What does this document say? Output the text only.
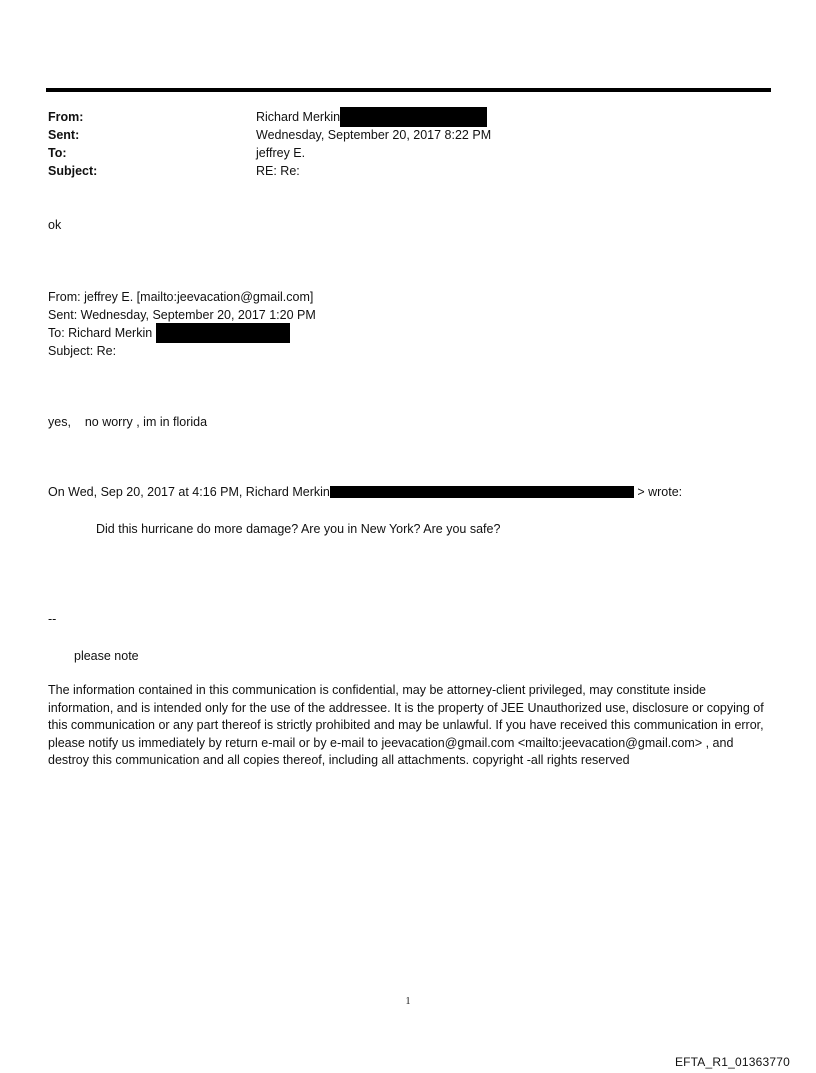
From:	Richard Merkin
Sent:	Wednesday, September 20, 2017 8:22 PM
To:	jeffrey E.
Subject:	RE: Re:
ok
From: jeffrey E. [mailto:jeevacation@gmail.com]
Sent: Wednesday, September 20, 2017 1:20 PM
To: Richard Merkin
Subject: Re:
yes,    no worry , im in florida
On Wed, Sep 20, 2017 at 4:16 PM, Richard Merkin	> wrote:
Did this hurricane do more damage? Are you in New York? Are you safe?
--
please note
The information contained in this communication is confidential, may be attorney-client privileged, may constitute inside information, and is intended only for the use of the addressee. It is the property of JEE Unauthorized use, disclosure or copying of this communication or any part thereof is strictly prohibited and may be unlawful. If you have received this communication in error, please notify us immediately by return e-mail or by e-mail to jeevacation@gmail.com <mailto:jeevacation@gmail.com> , and destroy this communication and all copies thereof, including all attachments. copyright -all rights reserved
1
EFTA_R1_01363770
